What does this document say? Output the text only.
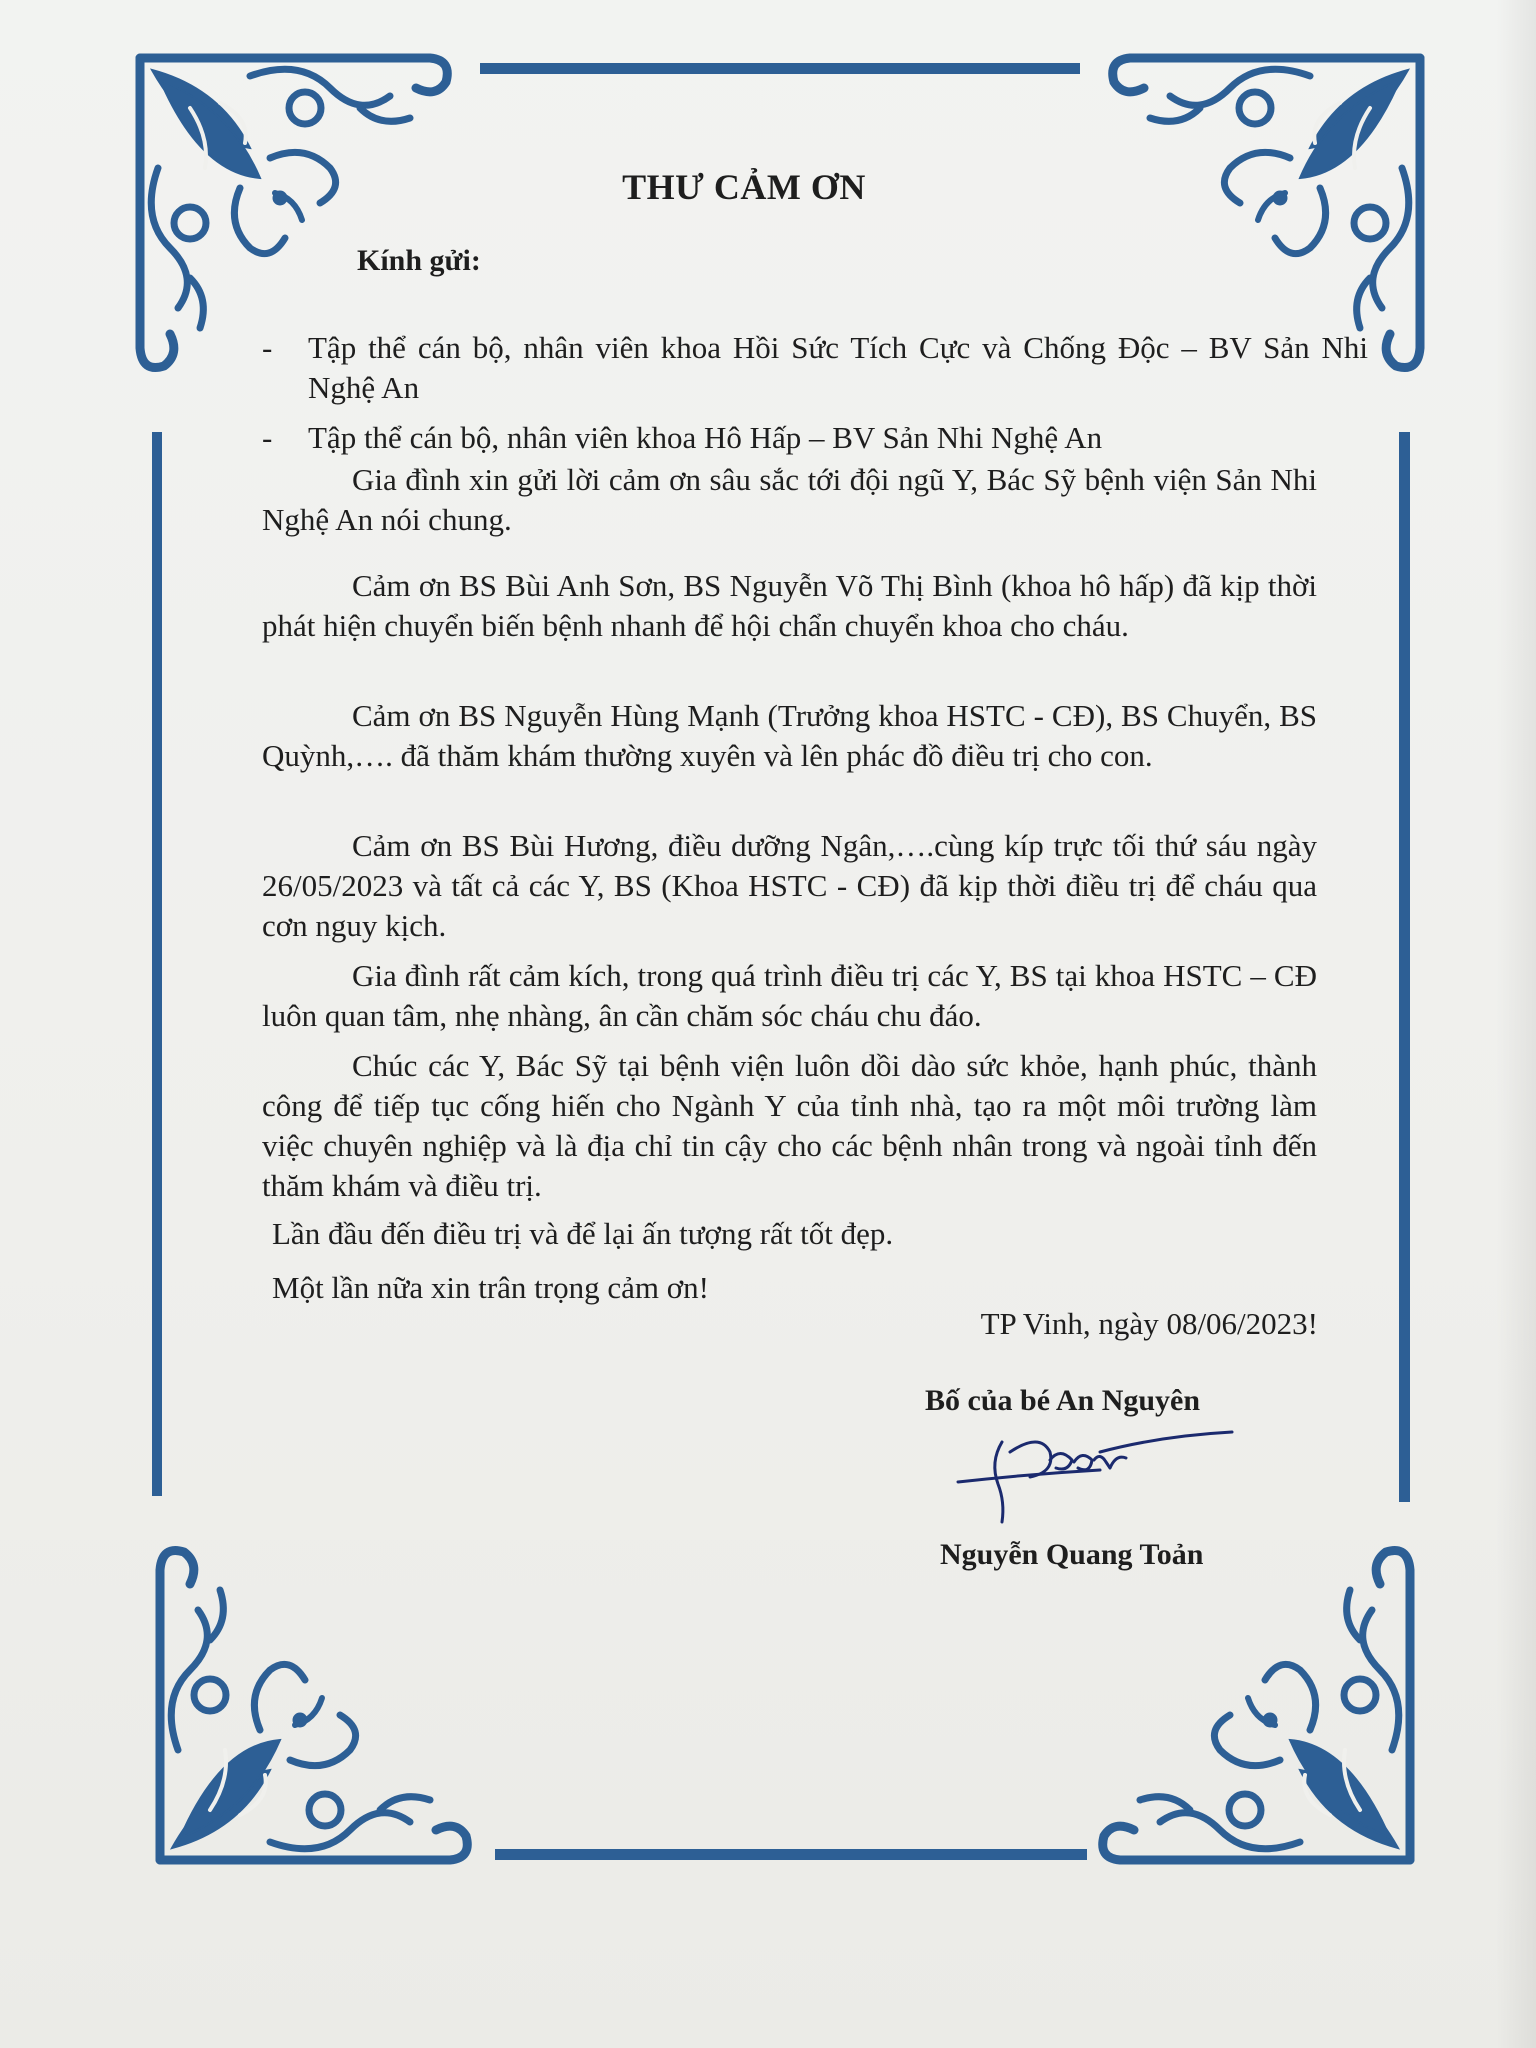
THƯ CẢM ƠN
Kính gửi:
- Tập thể cán bộ, nhân viên khoa Hồi Sức Tích Cực và Chống Độc – BV Sản Nhi Nghệ An
- Tập thể cán bộ, nhân viên khoa Hô Hấp – BV Sản Nhi Nghệ An
Gia đình xin gửi lời cảm ơn sâu sắc tới đội ngũ Y, Bác Sỹ bệnh viện Sản Nhi Nghệ An nói chung.
Cảm ơn BS Bùi Anh Sơn, BS Nguyễn Võ Thị Bình (khoa hô hấp) đã kịp thời phát hiện chuyển biến bệnh nhanh để hội chẩn chuyển khoa cho cháu.
Cảm ơn BS Nguyễn Hùng Mạnh (Trưởng khoa HSTC - CĐ), BS Chuyển, BS Quỳnh,…. đã thăm khám thường xuyên và lên phác đồ điều trị cho con.
Cảm ơn BS Bùi Hương, điều dưỡng Ngân,….cùng kíp trực tối thứ sáu ngày 26/05/2023 và tất cả các Y, BS (Khoa HSTC - CĐ) đã kịp thời điều trị để cháu qua cơn nguy kịch.
Gia đình rất cảm kích, trong quá trình điều trị các Y, BS tại khoa HSTC – CĐ luôn quan tâm, nhẹ nhàng, ân cần chăm sóc cháu chu đáo.
Chúc các Y, Bác Sỹ tại bệnh viện luôn dồi dào sức khỏe, hạnh phúc, thành công để tiếp tục cống hiến cho Ngành Y của tỉnh nhà, tạo ra một môi trường làm việc chuyên nghiệp và là địa chỉ tin cậy cho các bệnh nhân trong và ngoài tỉnh đến thăm khám và điều trị.
Lần đầu đến điều trị và để lại ấn tượng rất tốt đẹp.
Một lần nữa xin trân trọng cảm ơn!
TP Vinh, ngày 08/06/2023!
Bố của bé An Nguyên
Nguyễn Quang Toản
